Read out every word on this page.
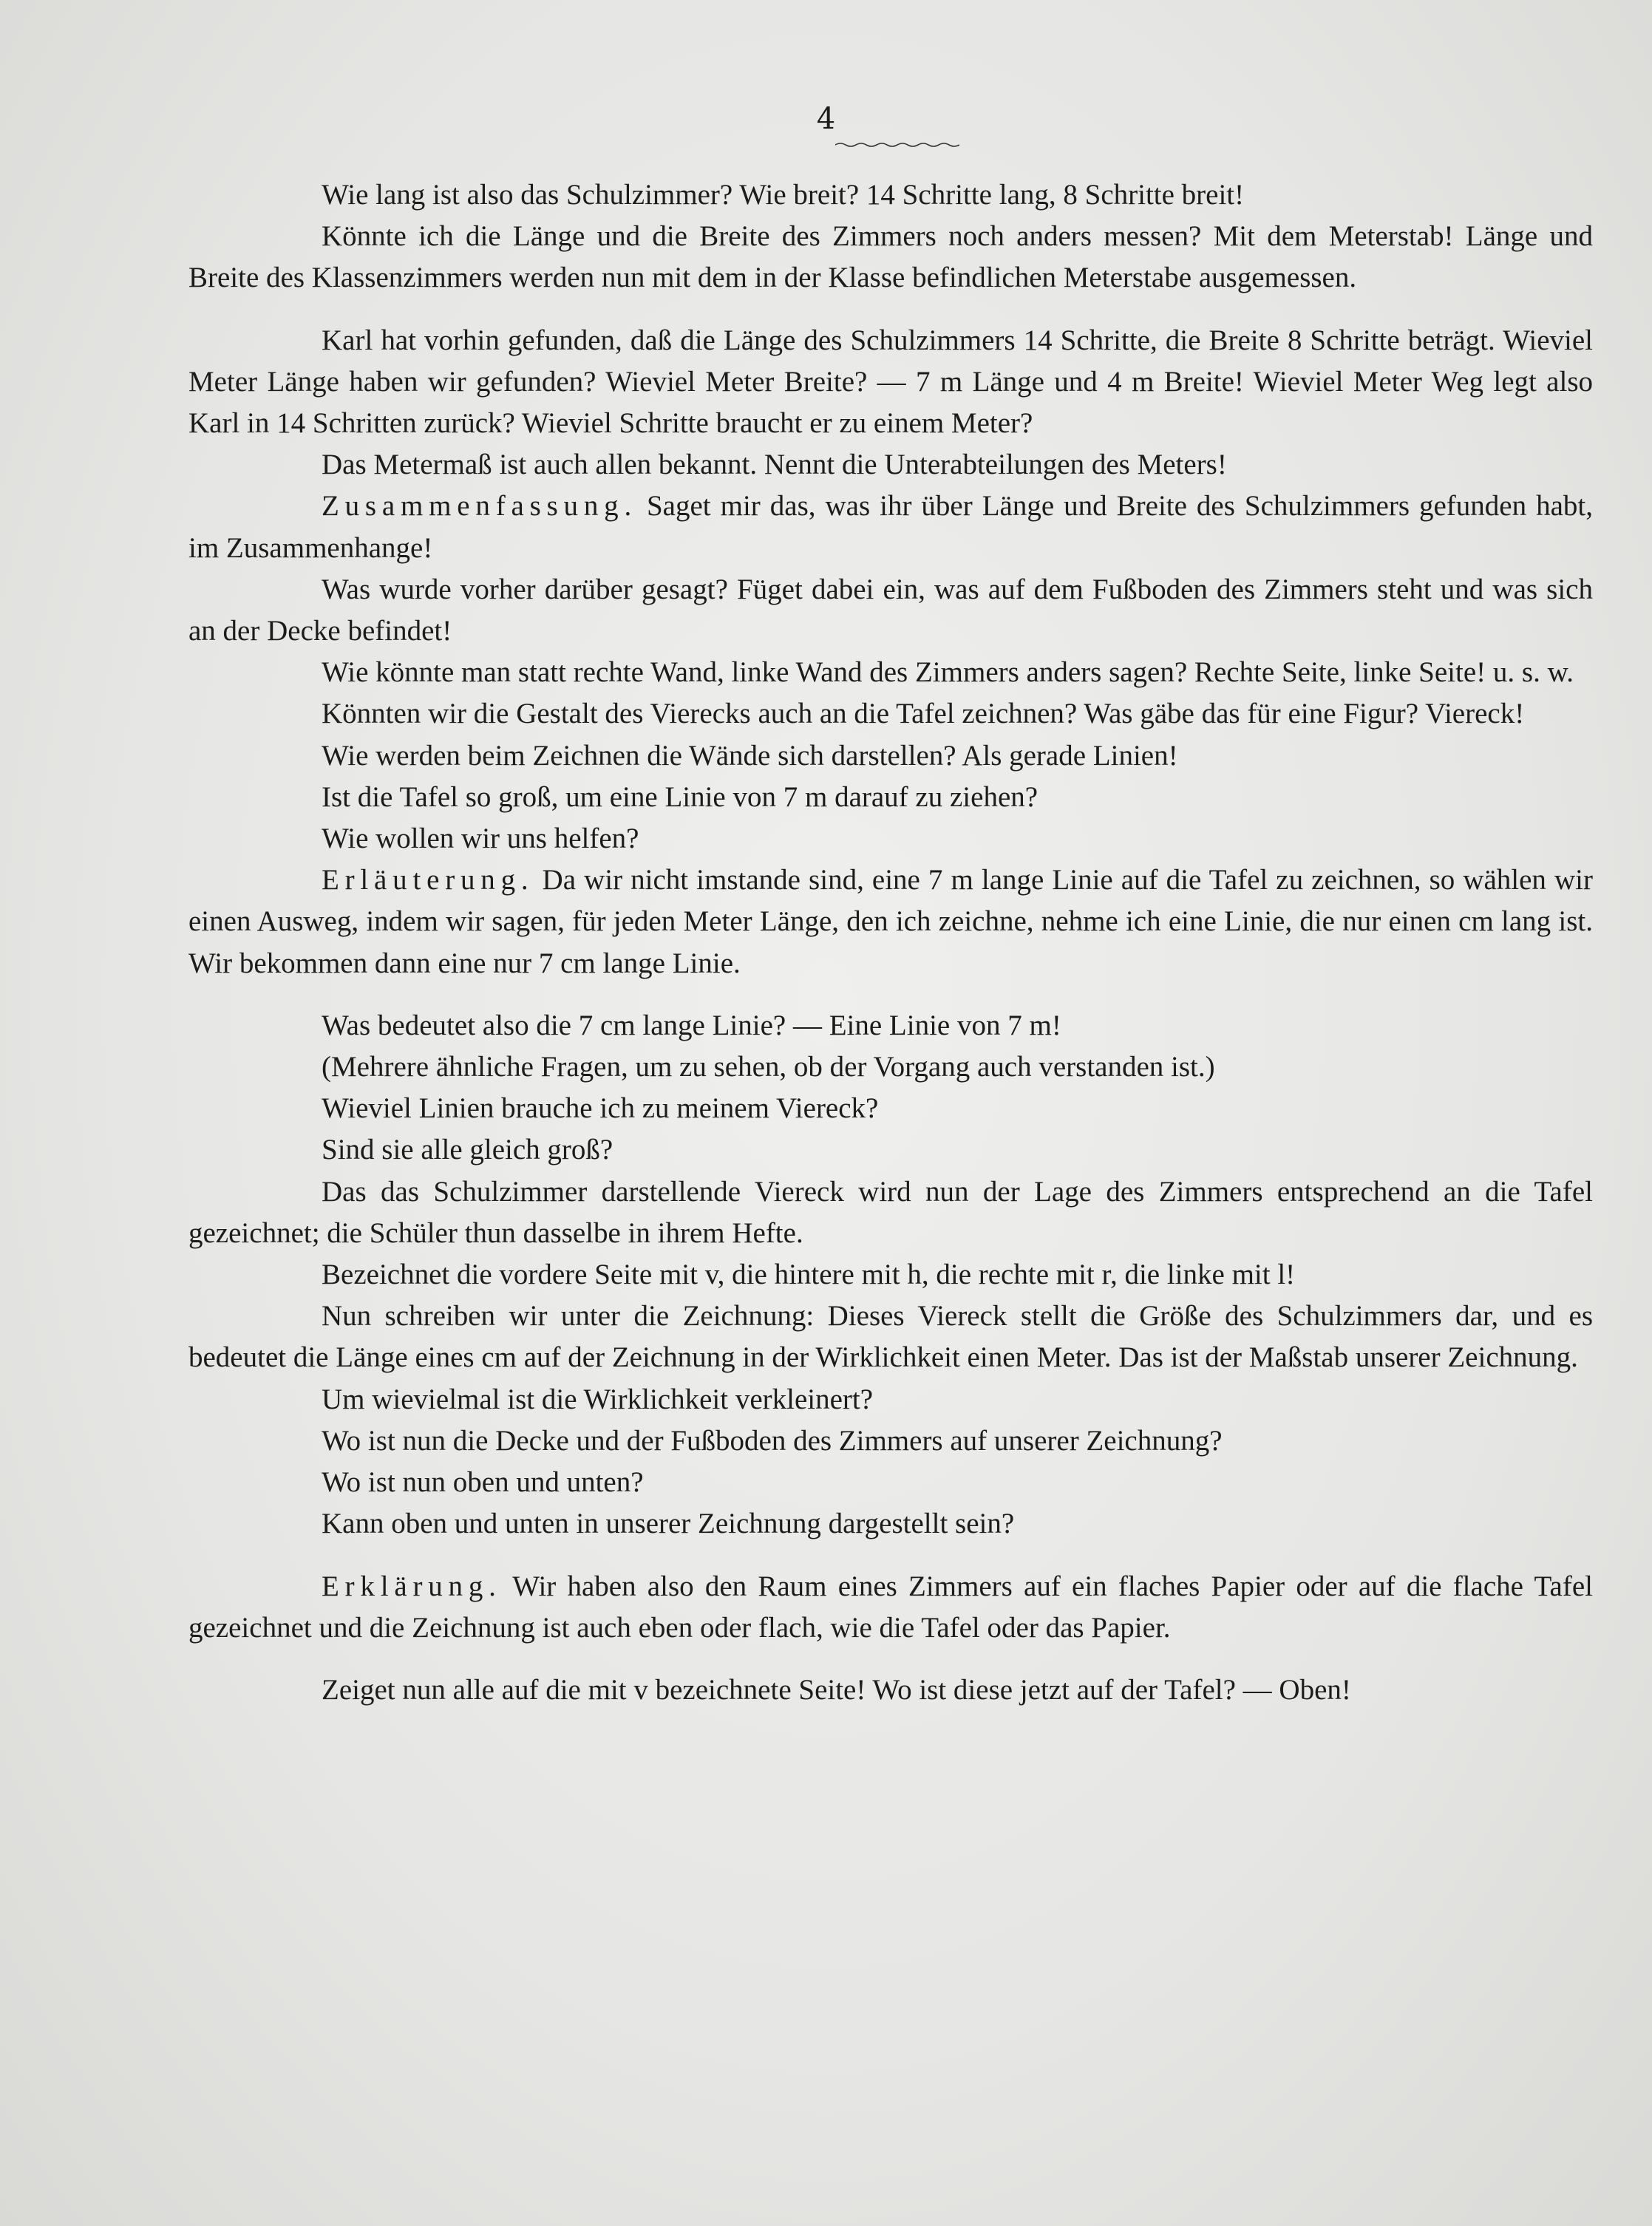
4

Wie lang ist also das Schulzimmer? Wie breit? 14 Schritte lang, 8 Schritte breit!

Könnte ich die Länge und die Breite des Zimmers noch anders messen? Mit dem Meterstab! Länge und Breite des Klassenzimmers werden nun mit dem in der Klasse befindlichen Meterstabe ausgemessen.

Karl hat vorhin gefunden, daß die Länge des Schulzimmers 14 Schritte, die Breite 8 Schritte beträgt. Wieviel Meter Länge haben wir gefunden? Wieviel Meter Breite? — 7 m Länge und 4 m Breite! Wieviel Meter Weg legt also Karl in 14 Schritten zurück? Wieviel Schritte braucht er zu einem Meter?

Das Metermaß ist auch allen bekannt. Nennt die Unterabteilungen des Meters!

Zusammenfassung. Saget mir das, was ihr über Länge und Breite des Schulzimmers gefunden habt, im Zusammenhange!

Was wurde vorher darüber gesagt? Füget dabei ein, was auf dem Fußboden des Zimmers steht und was sich an der Decke befindet!

Wie könnte man statt rechte Wand, linke Wand des Zimmers anders sagen? Rechte Seite, linke Seite! u. s. w.

Könnten wir die Gestalt des Vierecks auch an die Tafel zeichnen? Was gäbe das für eine Figur? Viereck!

Wie werden beim Zeichnen die Wände sich darstellen? Als gerade Linien!

Ist die Tafel so groß, um eine Linie von 7 m darauf zu ziehen?

Wie wollen wir uns helfen?

Erläuterung. Da wir nicht imstande sind, eine 7 m lange Linie auf die Tafel zu zeichnen, so wählen wir einen Ausweg, indem wir sagen, für jeden Meter Länge, den ich zeichne, nehme ich eine Linie, die nur einen cm lang ist. Wir bekommen dann eine nur 7 cm lange Linie.

Was bedeutet also die 7 cm lange Linie? — Eine Linie von 7 m!

(Mehrere ähnliche Fragen, um zu sehen, ob der Vorgang auch verstanden ist.)

Wieviel Linien brauche ich zu meinem Viereck?

Sind sie alle gleich groß?

Das das Schulzimmer darstellende Viereck wird nun der Lage des Zimmers entsprechend an die Tafel gezeichnet; die Schüler thun dasselbe in ihrem Hefte.

Bezeichnet die vordere Seite mit v, die hintere mit h, die rechte mit r, die linke mit l!

Nun schreiben wir unter die Zeichnung: Dieses Viereck stellt die Größe des Schulzimmers dar, und es bedeutet die Länge eines cm auf der Zeichnung in der Wirklichkeit einen Meter. Das ist der Maßstab unserer Zeichnung.

Um wievielmal ist die Wirklichkeit verkleinert?

Wo ist nun die Decke und der Fußboden des Zimmers auf unserer Zeichnung?

Wo ist nun oben und unten?

Kann oben und unten in unserer Zeichnung dargestellt sein?

Erklärung. Wir haben also den Raum eines Zimmers auf ein flaches Papier oder auf die flache Tafel gezeichnet und die Zeichnung ist auch eben oder flach, wie die Tafel oder das Papier.

Zeiget nun alle auf die mit v bezeichnete Seite! Wo ist diese jetzt auf der Tafel? — Oben!
